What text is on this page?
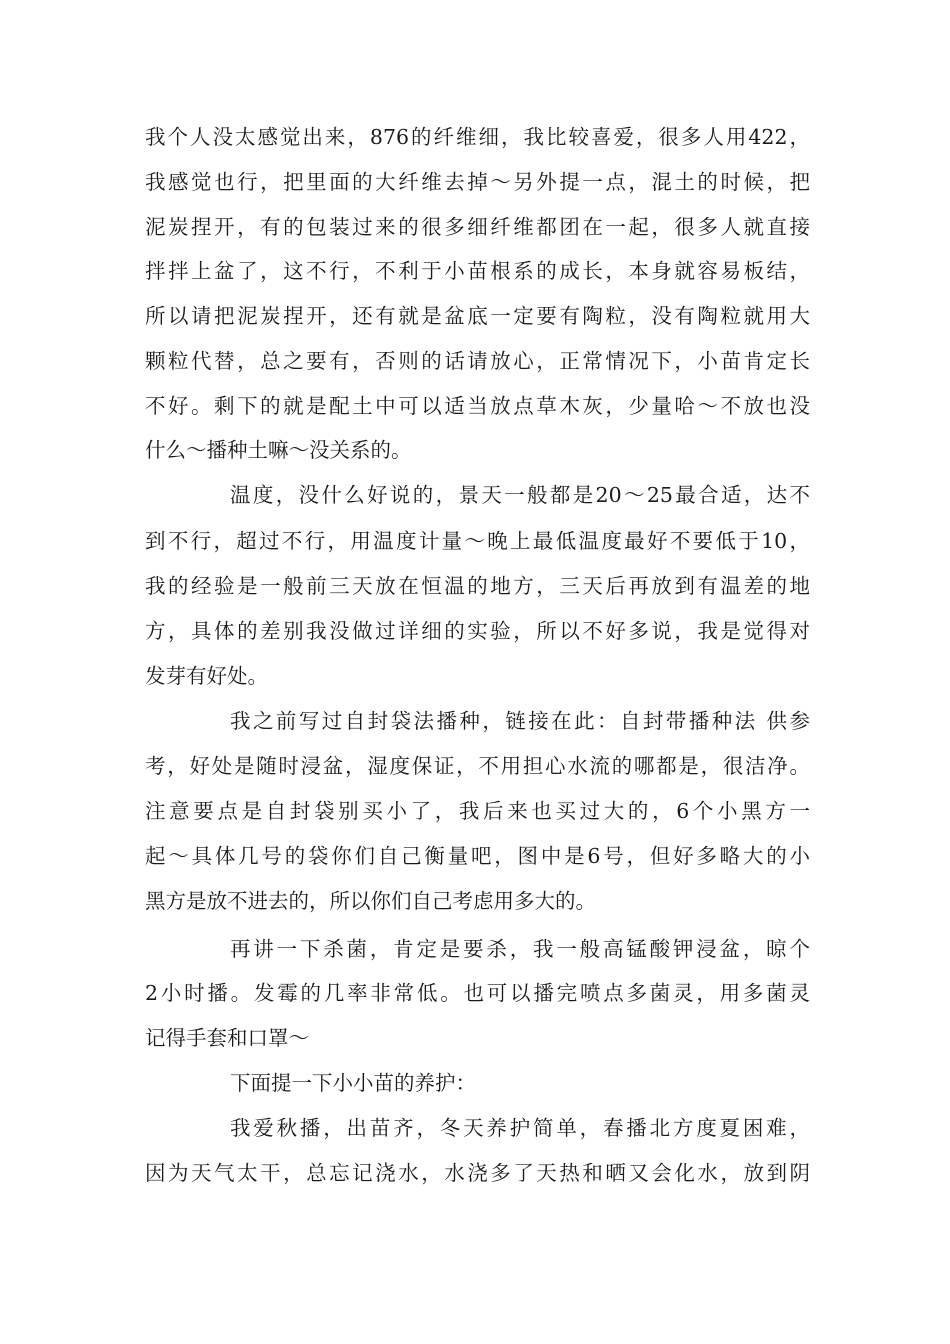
我个人没太感觉出来，876的纤维细，我比较喜爱，很多人用422，
我感觉也行，把里面的大纤维去掉～另外提一点，混土的时候，把
泥炭捏开，有的包装过来的很多细纤维都团在一起，很多人就直接
拌拌上盆了，这不行，不利于小苗根系的成长，本身就容易板结，
所以请把泥炭捏开，还有就是盆底一定要有陶粒，没有陶粒就用大
颗粒代替，总之要有，否则的话请放心，正常情况下，小苗肯定长
不好。剩下的就是配土中可以适当放点草木灰，少量哈～不放也没
什么～播种土嘛～没关系的。
温度，没什么好说的，景天一般都是20～25最合适，达不
到不行，超过不行，用温度计量～晚上最低温度最好不要低于10，
我的经验是一般前三天放在恒温的地方，三天后再放到有温差的地
方，具体的差别我没做过详细的实验，所以不好多说，我是觉得对
发芽有好处。
我之前写过自封袋法播种，链接在此：自封带播种法 供参
考，好处是随时浸盆，湿度保证，不用担心水流的哪都是，很洁净。
注意要点是自封袋别买小了，我后来也买过大的，6个小黑方一
起～具体几号的袋你们自己衡量吧，图中是6号，但好多略大的小
黑方是放不进去的，所以你们自己考虑用多大的。
再讲一下杀菌，肯定是要杀，我一般高锰酸钾浸盆，晾个
2小时播。发霉的几率非常低。也可以播完喷点多菌灵，用多菌灵
记得手套和口罩～
下面提一下小小苗的养护：
我爱秋播，出苗齐，冬天养护简单，春播北方度夏困难，
因为天气太干，总忘记浇水，水浇多了天热和晒又会化水，放到阴
